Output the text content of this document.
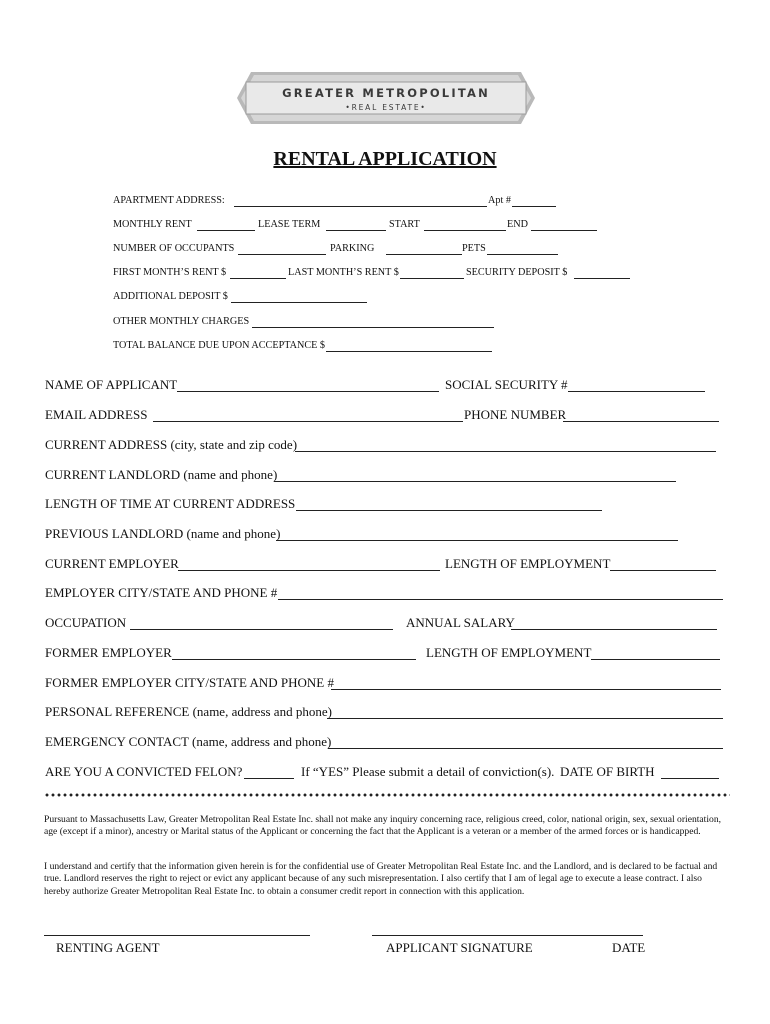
GREATER METROPOLITAN
•REAL ESTATE•
RENTAL APPLICATION
APARTMENT ADDRESS:	Apt #
MONTHLY RENT	LEASE TERM	START	END
NUMBER OF OCCUPANTS	PARKING	PETS
FIRST MONTH’S RENT $	LAST MONTH’S RENT $	SECURITY DEPOSIT $
ADDITIONAL DEPOSIT $
OTHER MONTHLY CHARGES
TOTAL BALANCE DUE UPON ACCEPTANCE $
NAME OF APPLICANT	SOCIAL SECURITY #
EMAIL ADDRESS	PHONE NUMBER
CURRENT ADDRESS (city, state and zip code)
CURRENT LANDLORD (name and phone)
LENGTH OF TIME AT CURRENT ADDRESS
PREVIOUS LANDLORD (name and phone)
CURRENT EMPLOYER	LENGTH OF EMPLOYMENT
EMPLOYER CITY/STATE AND PHONE #
OCCUPATION	ANNUAL SALARY
FORMER EMPLOYER	LENGTH OF EMPLOYMENT
FORMER EMPLOYER CITY/STATE AND PHONE #
PERSONAL REFERENCE (name, address and phone)
EMERGENCY CONTACT (name, address and phone)
ARE YOU A CONVICTED FELON?	If “YES” Please submit a detail of conviction(s). DATE OF BIRTH
Pursuant to Massachusetts Law, Greater Metropolitan Real Estate Inc. shall not make any inquiry concerning race, religious creed, color, national origin, sex, sexual orientation, age (except if a minor), ancestry or Marital status of the Applicant or concerning the fact that the Applicant is a veteran or a member of the armed forces or is handicapped.
I understand and certify that the information given herein is for the confidential use of Greater Metropolitan Real Estate Inc. and the Landlord, and is declared to be factual and true. Landlord reserves the right to reject or evict any applicant because of any such misrepresentation. I also certify that I am of legal age to execute a lease contract. I also hereby authorize Greater Metropolitan Real Estate Inc. to obtain a consumer credit report in connection with this application.
RENTING AGENT	APPLICANT SIGNATURE	DATE
